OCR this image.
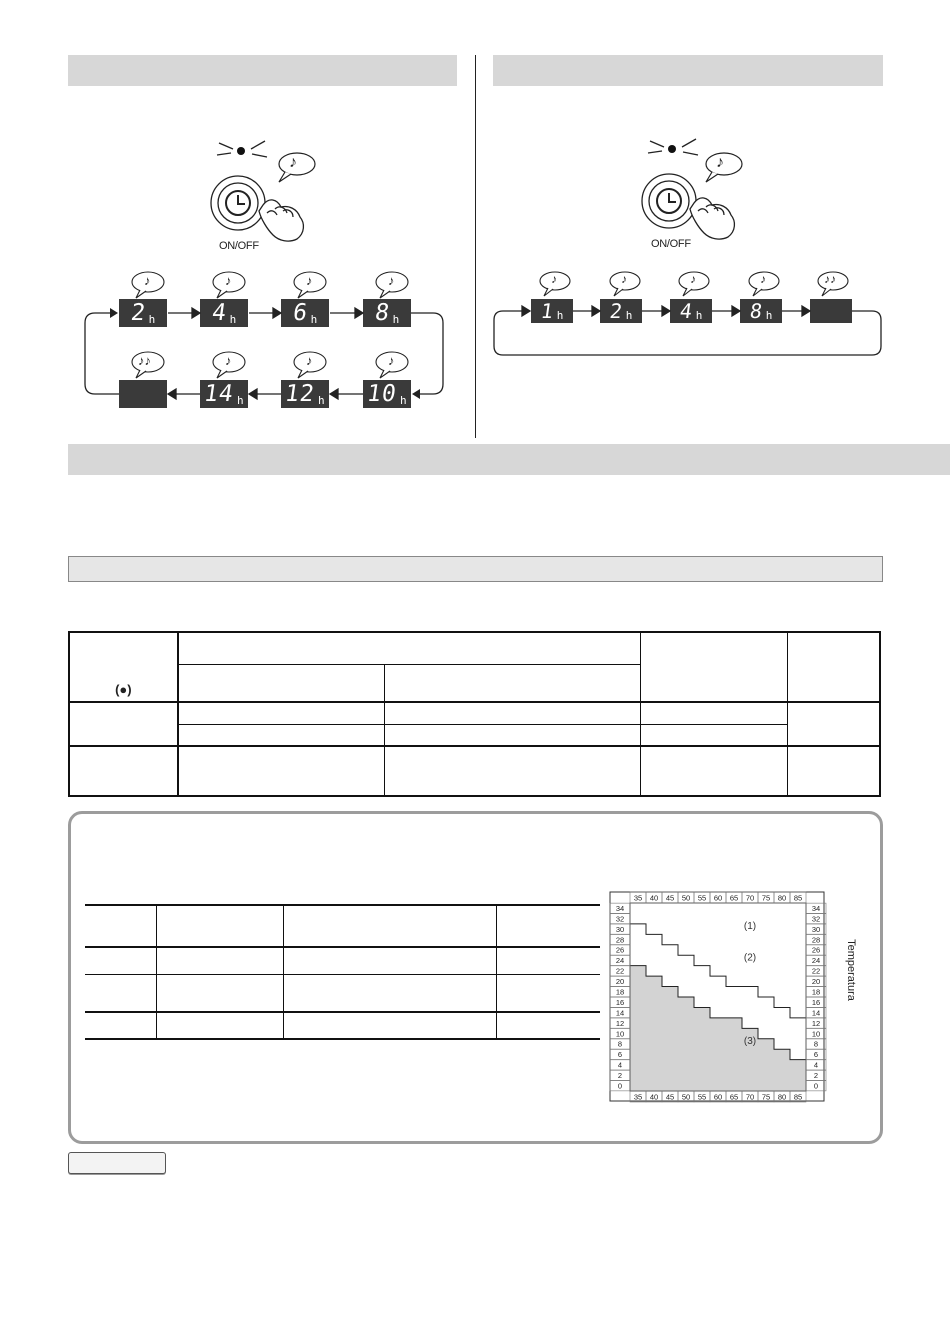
♪
ON/OFF
2 h 4 h 6 h 8 h
14 h 12 h 10 h
♪	♪	♪	♪
♪♪	♪	♪	♪
♪
ON/OFF
1 h 2 h 4 h 8 h
♪	♪	♪	♪	♪♪
(●)				

35
35
40
40
45
45
50
50
55
55
60
60
65
65
70
70
75
75
80
80
85
85
0	0
2	2
4	4
6	6
8	8
10	10
12	12
14	14
16	16
18	18
20	20
22	22
24	24
26	26
28	28
30	30
32	32
34	34
(1)
(2)
(3)
Temperatura
